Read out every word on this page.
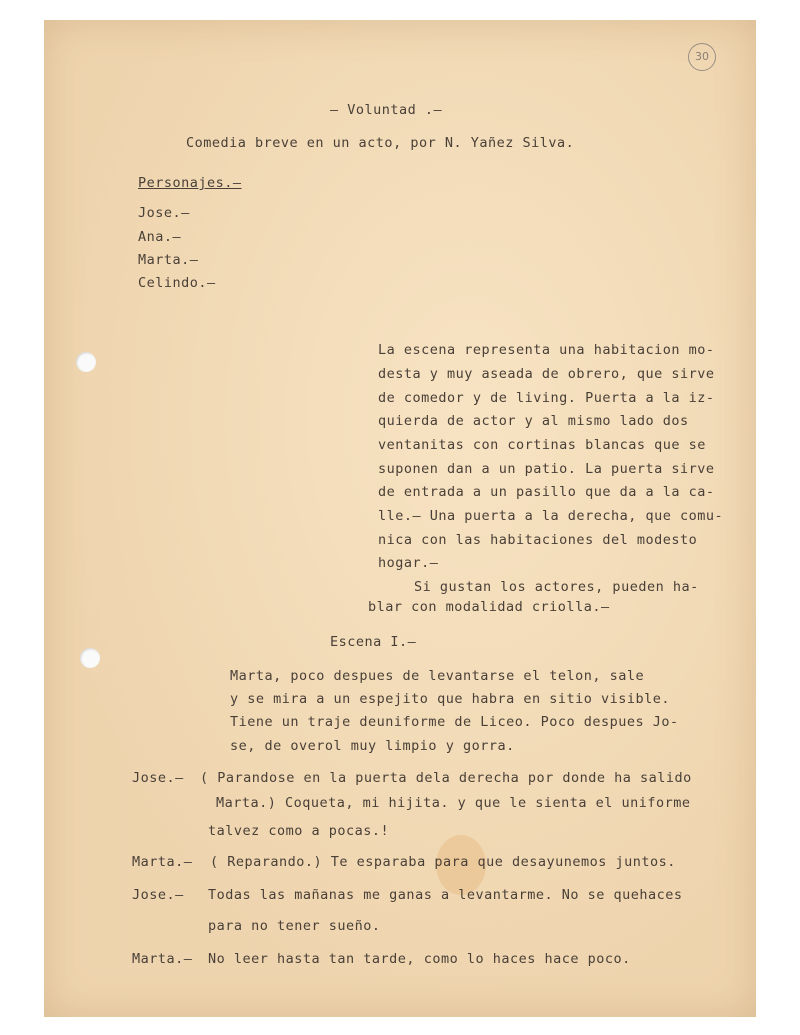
30
– Voluntad .–
Comedia breve en un acto, por N. Yañez Silva.
Personajes.–
Jose.–
Ana.–
Marta.–
Celindo.–
La escena representa una habitacion mo-
desta y muy aseada de obrero, que sirve
de comedor y de living. Puerta a la iz-
quierda de actor y al mismo lado dos
ventanitas con cortinas blancas que se
suponen dan a un patio. La puerta sirve
de entrada a un pasillo que da a la ca-
lle.– Una puerta a la derecha, que comu-
nica con las habitaciones del modesto
hogar.–
Si gustan los actores, pueden ha-
blar con modalidad criolla.–
Escena I.–
Marta, poco despues de levantarse el telon, sale
y se mira a un espejito que habra en sitio visible.
Tiene un traje deuniforme de Liceo. Poco despues Jo-
se, de overol muy limpio y gorra.
Jose.– ( Parandose en la puerta dela derecha por donde ha salido
Marta.) Coqueta, mi hijita. y que le sienta el uniforme
talvez como a pocas.!
Marta.– ( Reparando.) Te esparaba para que desayunemos juntos.
Jose.– Todas las mañanas me ganas a levantarme. No se quehaces
para no tener sueño.
Marta.– No leer hasta tan tarde, como lo haces hace poco.
